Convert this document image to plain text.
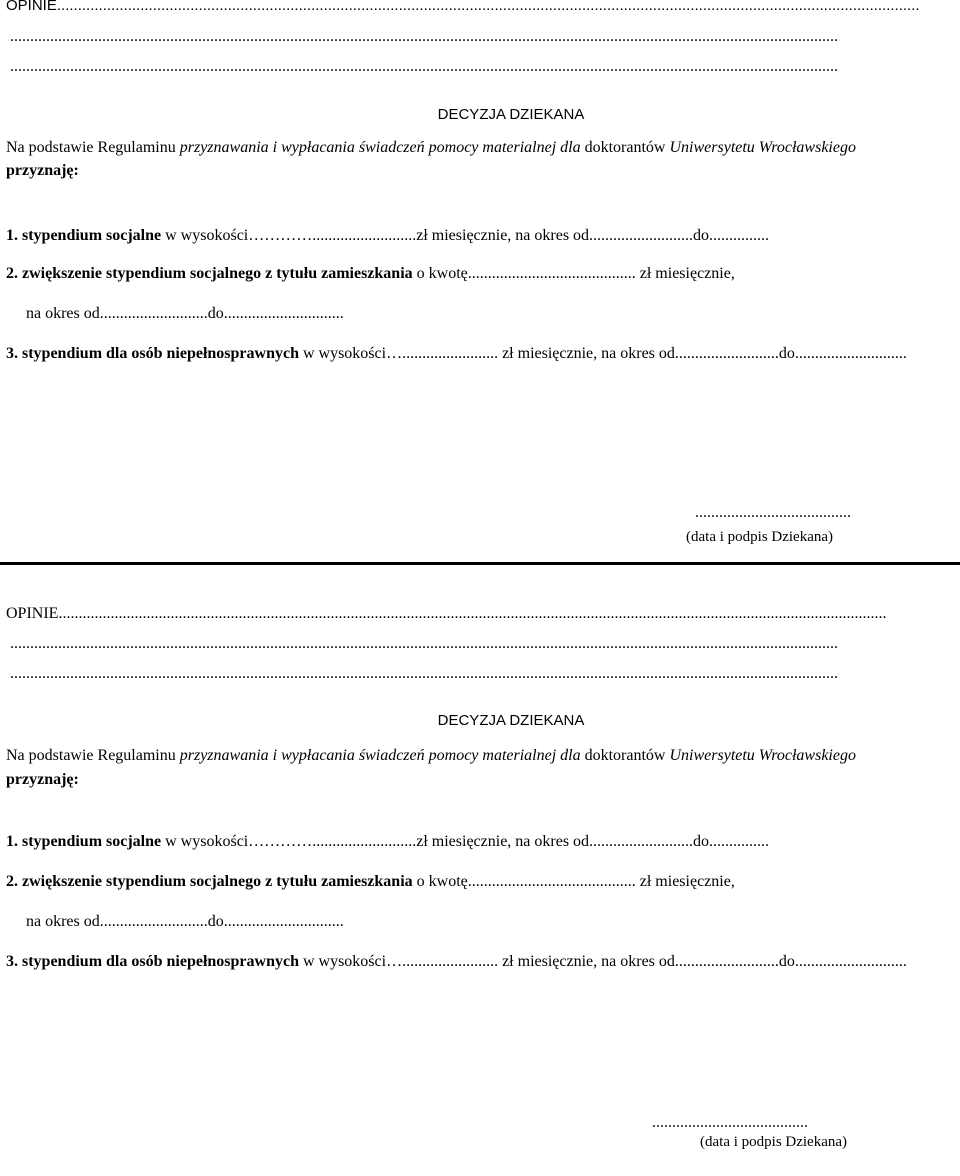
OPINIE...............................................................................................................................................................................................................
...............................................................................................................................................................................................................
...............................................................................................................................................................................................................
DECYZJA DZIEKANA
Na podstawie Regulaminu przyznawania i wypłacania świadczeń pomocy materialnej dla doktorantów Uniwersytetu Wrocławskiego
przyznaję:
1. stypendium socjalne w wysokości…………..........................zł miesięcznie, na okres od..........................do...............
2. zwiększenie stypendium socjalnego z tytułu zamieszkania o kwotę.......................................... zł miesięcznie,
na okres od...........................do..............................
3. stypendium dla osób niepełnosprawnych w wysokości…........................ zł miesięcznie, na okres od..........................do............................
.......................................
(data i podpis Dziekana)
OPINIE...............................................................................................................................................................................................................
...............................................................................................................................................................................................................
...............................................................................................................................................................................................................
DECYZJA DZIEKANA
Na podstawie Regulaminu przyznawania i wypłacania świadczeń pomocy materialnej dla doktorantów Uniwersytetu Wrocławskiego
przyznaję:
1. stypendium socjalne w wysokości…………..........................zł miesięcznie, na okres od..........................do...............
2. zwiększenie stypendium socjalnego z tytułu zamieszkania o kwotę.......................................... zł miesięcznie,
na okres od...........................do..............................
3. stypendium dla osób niepełnosprawnych w wysokości…........................ zł miesięcznie, na okres od..........................do............................
.......................................
(data i podpis Dziekana)
